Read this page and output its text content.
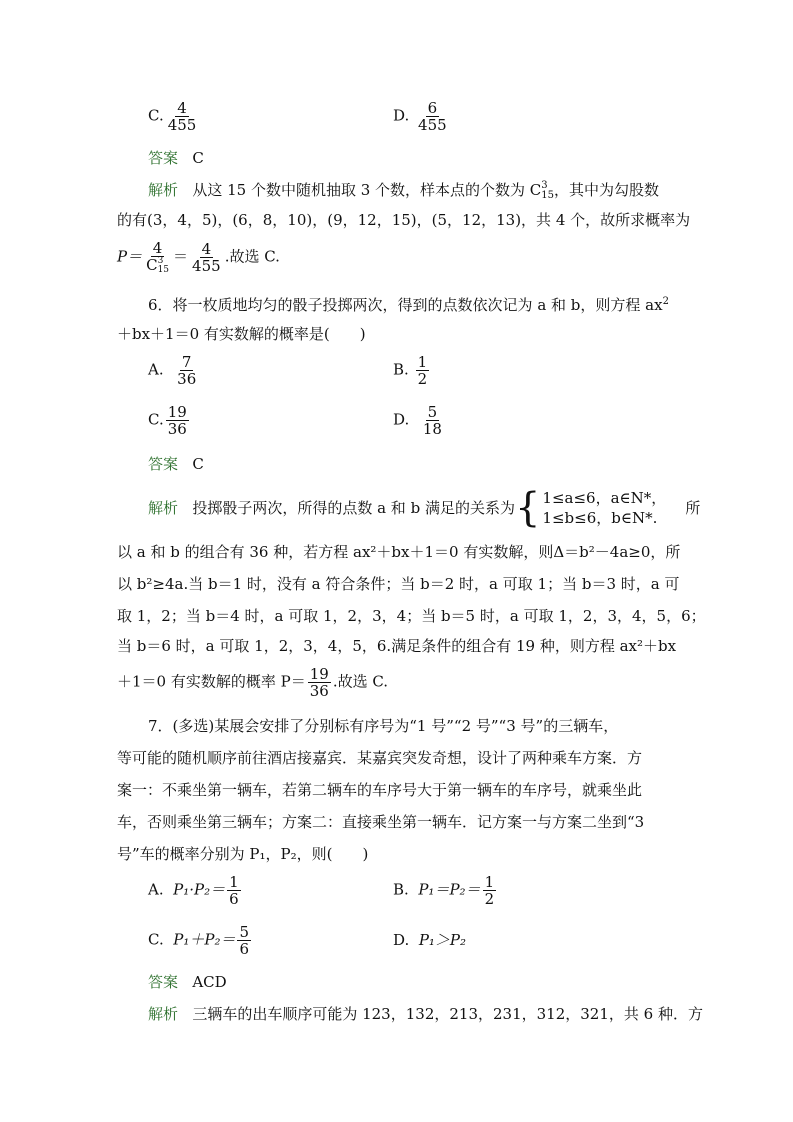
C. $\frac{4}{455}$	D. $\frac{6}{455}$
答案 C
解析 从这 15 个数中随机抽取 3 个数，样本点的个数为 C 3
15 ，其中为勾股数
的有(3，4，5)，(6，8，10)，(9，12，15)，(5，12，13)，共 4 个，故所求概率为
P＝ 4
C 3
$15 = \frac{4}{455}$ .故选 C.
6．将一枚质地均匀的骰子投掷两次，得到的点数依次记为 a 和 b，则方程 $ax^2$
＋bx＋1＝0 有实数解的概率是(　　)
A. $\frac{7}{36}$	B. $\frac{1}{2}$
C. $\frac{19}{36}$	D. $\frac{5}{18}$
答案 C
解析
投掷骰子两次，所得的点数 a 和 b 满足的关系为 { 1≤a≤6，a∈N*，
1≤b≤6，b∈N*.

所
以 a 和 b 的组合有 36 种，若方程 ax²＋bx＋1＝0 有实数解，则Δ＝b²－4a≥0，所
以 b²≥4a.当 b＝1 时，没有 a 符合条件；当 b＝2 时，a 可取 1；当 b＝3 时，a 可
取 1，2；当 b＝4 时，a 可取 1，2，3，4；当 b＝5 时，a 可取 1，2，3，4，5，6；
当 b＝6 时，a 可取 1，2，3，4，5，6.满足条件的组合有 19 种，则方程 ax²＋bx
＋1＝0 有实数解的概率 $P= \frac{19}{36}$ .故选 C.
7．(多选)某展会安排了分别标有序号为“1 号”“2 号”“3 号”的三辆车，
等可能的随机顺序前往酒店接嘉宾．某嘉宾突发奇想，设计了两种乘车方案．方
案一：不乘坐第一辆车，若第二辆车的车序号大于第一辆车的车序号，就乘坐此
车，否则乘坐第三辆车；方案二：直接乘坐第一辆车．记方案一与方案二坐到“3
号”车的概率分别为 P₁，P₂，则(　　)
A. $P_1\cdot P_2= \frac{1}{6}$	B. $P_1=P_2= \frac{1}{2}$
C. $P_1+P_2= \frac{5}{6}$	D. P₁＞P₂
答案 ACD
解析 三辆车的出车顺序可能为 123，132，213，231，312，321，共 6 种．方
